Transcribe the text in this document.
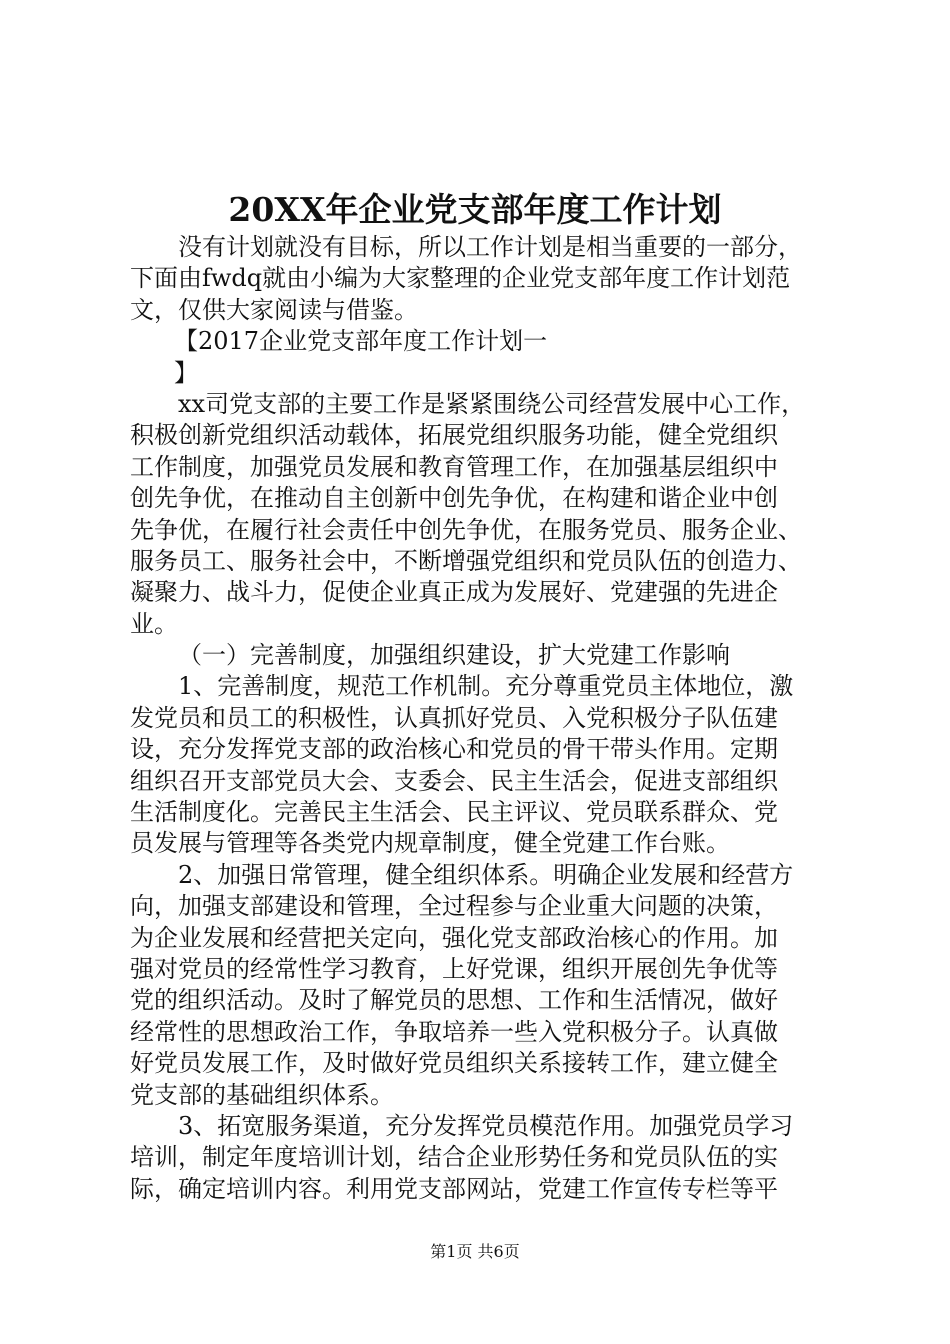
20XX年企业党支部年度工作计划
没有计划就没有目标，所以工作计划是相当重要的一部分，
下面由fwdq就由小编为大家整理的企业党支部年度工作计划范
文，仅供大家阅读与借鉴。
【2017企业党支部年度工作计划一
】
xx司党支部的主要工作是紧紧围绕公司经营发展中心工作，
积极创新党组织活动载体，拓展党组织服务功能，健全党组织
工作制度，加强党员发展和教育管理工作，在加强基层组织中
创先争优，在推动自主创新中创先争优，在构建和谐企业中创
先争优，在履行社会责任中创先争优，在服务党员、服务企业、
服务员工、服务社会中，不断增强党组织和党员队伍的创造力、
凝聚力、战斗力，促使企业真正成为发展好、党建强的先进企
业。
（一）完善制度，加强组织建设，扩大党建工作影响
1、完善制度，规范工作机制。充分尊重党员主体地位，激
发党员和员工的积极性，认真抓好党员、入党积极分子队伍建
设，充分发挥党支部的政治核心和党员的骨干带头作用。定期
组织召开支部党员大会、支委会、民主生活会，促进支部组织
生活制度化。完善民主生活会、民主评议、党员联系群众、党
员发展与管理等各类党内规章制度，健全党建工作台账。
2、加强日常管理，健全组织体系。明确企业发展和经营方
向，加强支部建设和管理，全过程参与企业重大问题的决策，
为企业发展和经营把关定向，强化党支部政治核心的作用。加
强对党员的经常性学习教育，上好党课，组织开展创先争优等
党的组织活动。及时了解党员的思想、工作和生活情况，做好
经常性的思想政治工作，争取培养一些入党积极分子。认真做
好党员发展工作，及时做好党员组织关系接转工作，建立健全
党支部的基础组织体系。
3、拓宽服务渠道，充分发挥党员模范作用。加强党员学习
培训，制定年度培训计划，结合企业形势任务和党员队伍的实
际，确定培训内容。利用党支部网站，党建工作宣传专栏等平
第1页 共6页
